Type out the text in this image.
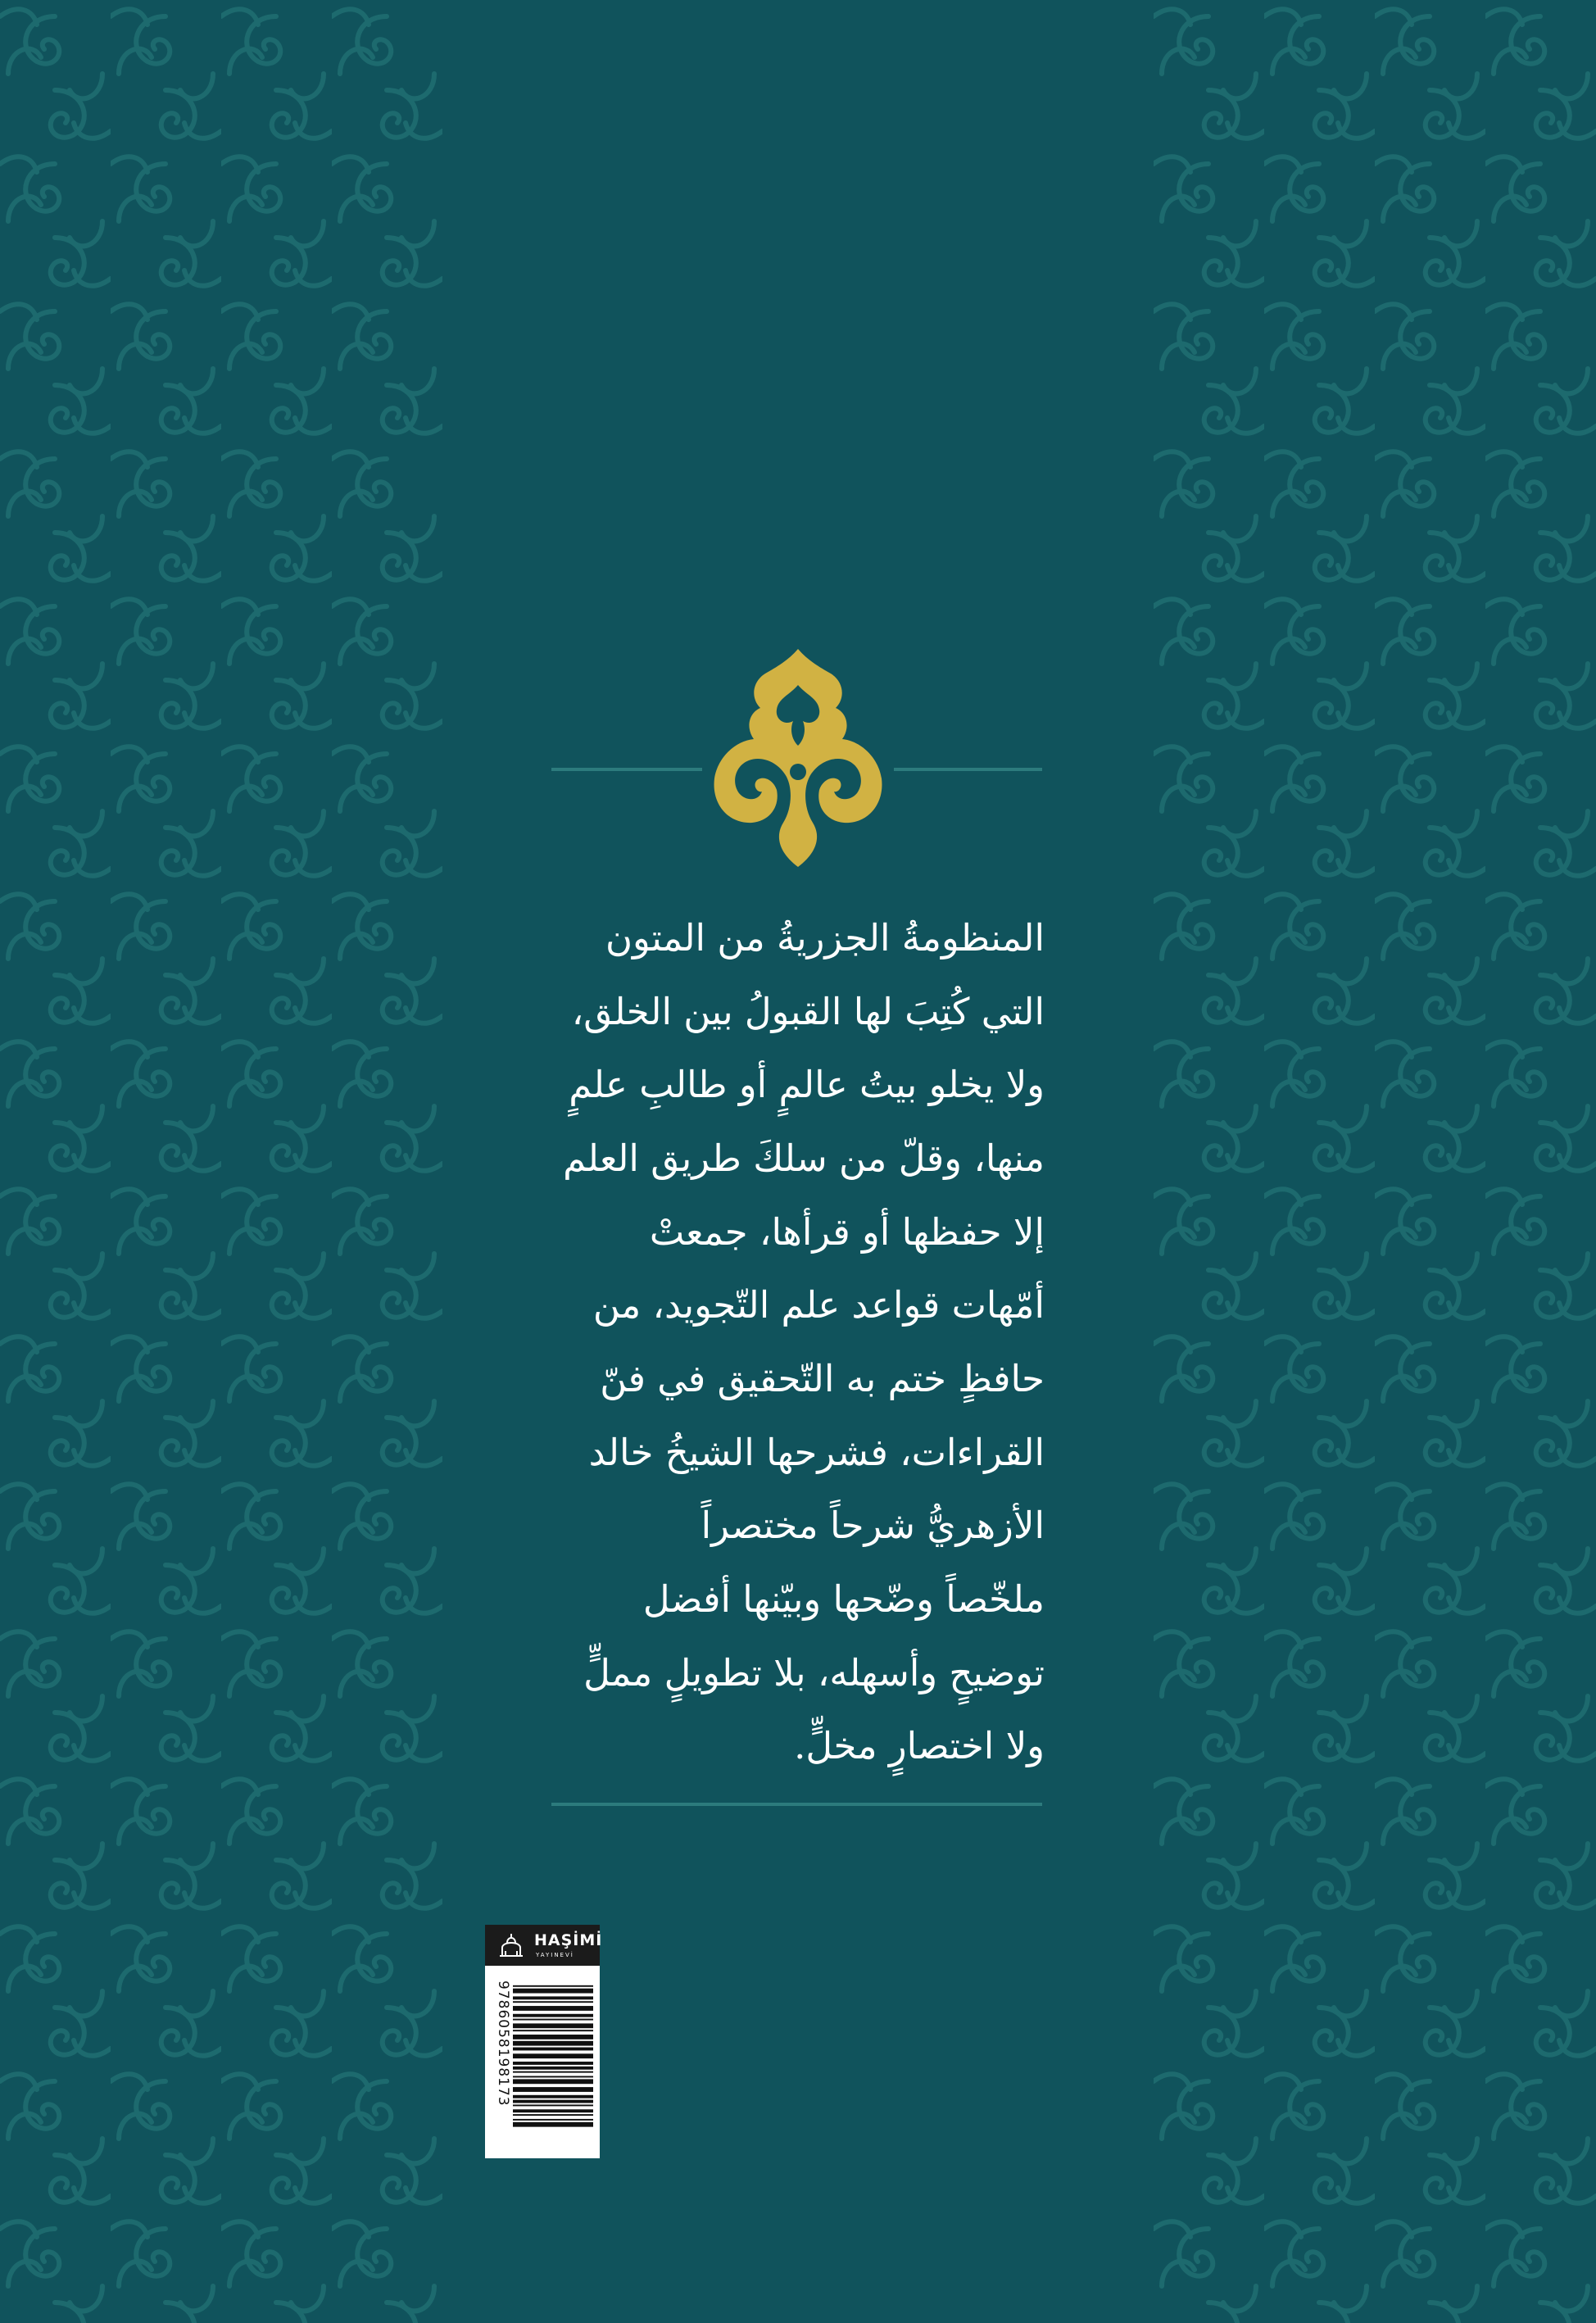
المنظومةُ الجزريةُ من المتون
التي كُتِبَ لها القبولُ بين الخلق،
ولا يخلو بيتُ عالمٍ أو طالبِ علمٍ
منها، وقلّ من سلكَ طريق العلم
إلا حفظها أو قرأها، جمعتْ
أمّهات قواعد علم التّجويد، من
حافظٍ ختم به التّحقيق في فنّ
القراءات، فشرحها الشيخُ خالد
الأزهريُّ شرحاً مختصراً
ملخّصاً وضّحها وبيّنها أفضل
توضيحٍ وأسهله، بلا تطويلٍ مملٍّ
ولا اختصارٍ مخلٍّ.
HAŞİMİ
YAYINEVİ
9786058198173
